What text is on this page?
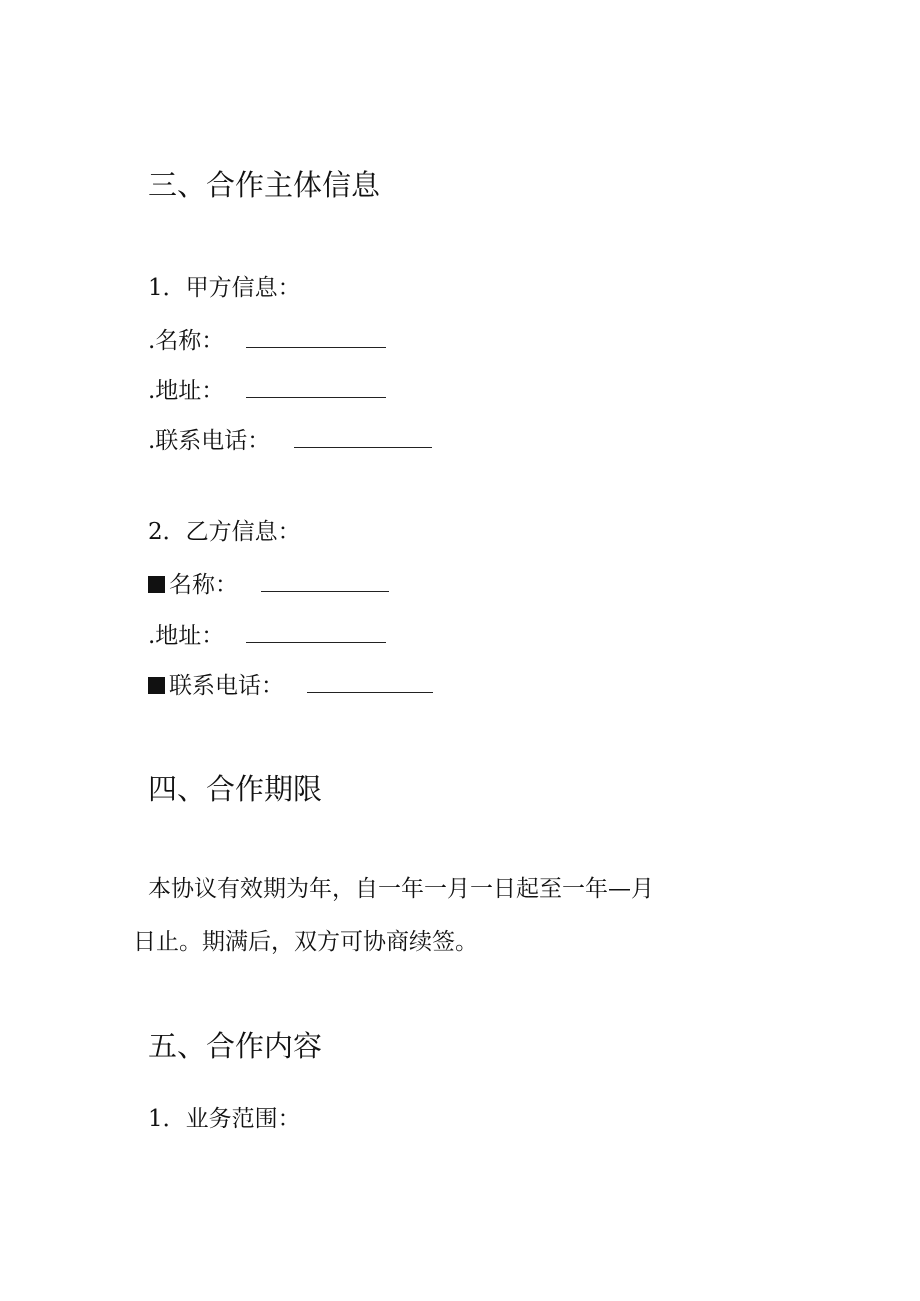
三、合作主体信息
1．甲方信息：
.名称：
.地址：
.联系电话：
2．乙方信息：
名称：
.地址：
联系电话：
四、合作期限
本协议有效期为年，自一年一月一日起至一年—月
日止。期满后，双方可协商续签。
五、合作内容
1．业务范围：
